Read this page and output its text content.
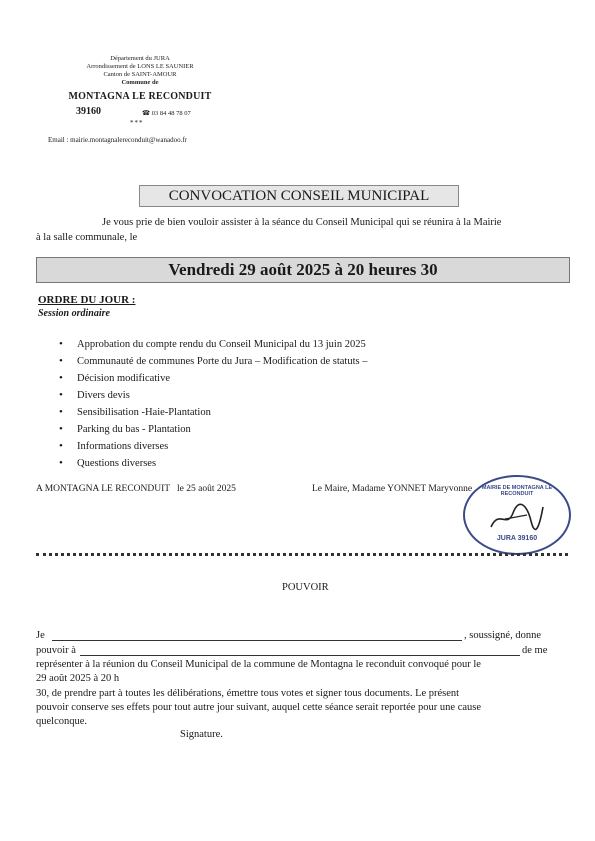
Département du JURA
Arrondissement de LONS LE SAUNIER
Canton de SAINT-AMOUR
Commune de
MONTAGNA LE RECONDUIT
39160	☎ 03 84 48 78 07
***
Email : mairie.montagnalereconduit@wanadoo.fr
CONVOCATION CONSEIL MUNICIPAL
Je vous prie de bien vouloir assister à la séance du Conseil Municipal qui se réunira à la Mairie
à la salle communale, le
Vendredi 29 août 2025 à 20 heures 30
ORDRE DU JOUR :
Session ordinaire
• Approbation du compte rendu du Conseil Municipal du 13 juin 2025
• Communauté de communes Porte du Jura – Modification de statuts –
• Décision modificative
• Divers devis
• Sensibilisation -Haie-Plantation
• Parking du bas - Plantation
• Informations diverses
• Questions diverses
A MONTAGNA LE RECONDUIT   le 25 août 2025	Le Maire, Madame YONNET Maryvonne	MAIRIE DE MONTAGNA LE RECONDUIT
JURA 39160
POUVOIR
Je	, soussigné, donne
pouvoir à	de me
représenter à la réunion du Conseil Municipal de la commune de Montagna le reconduit convoqué pour le
29 août 2025 à 20 h
30, de prendre part à toutes les délibérations, émettre tous votes et signer tous documents. Le présent
pouvoir conserve ses effets pour tout autre jour suivant, auquel cette séance serait reportée pour une cause
quelconque.
Signature.
